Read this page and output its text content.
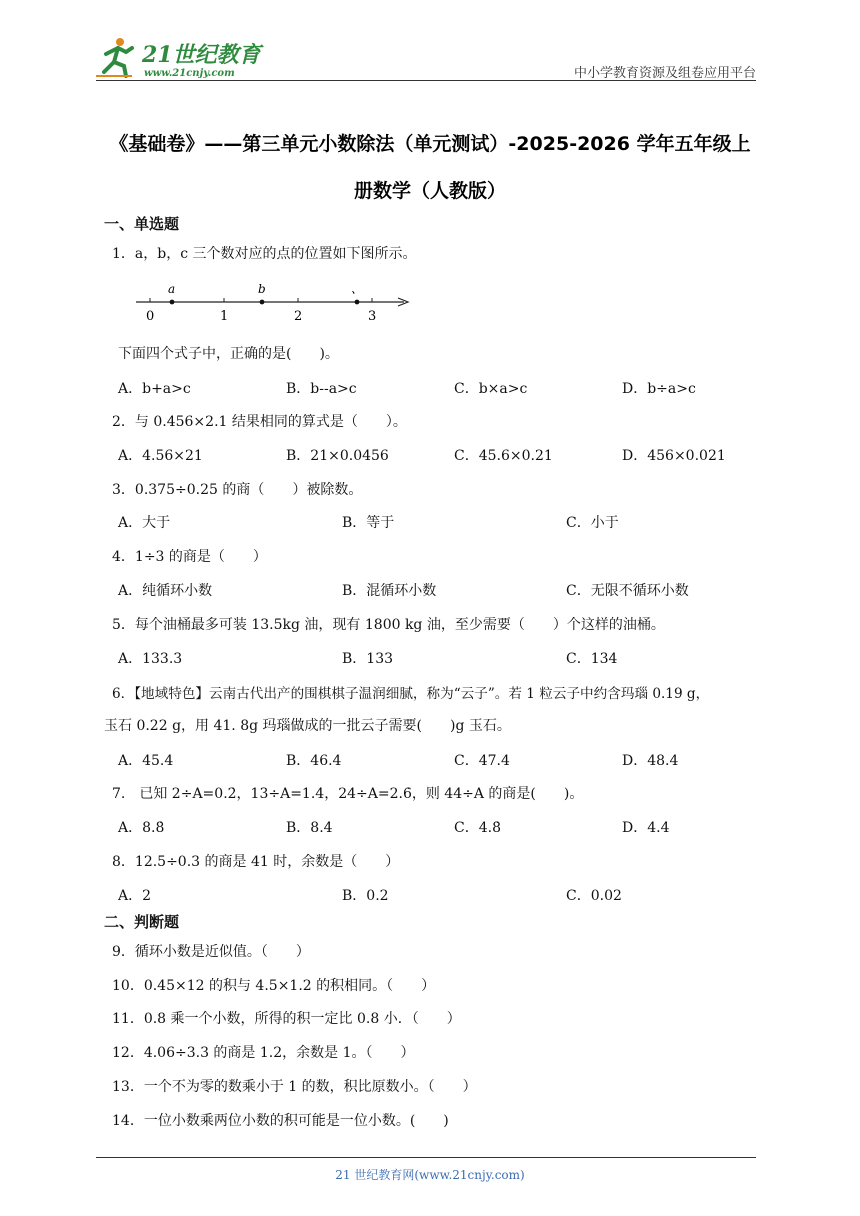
21世纪教育
www.21cnjy.com	中小学教育资源及组卷应用平台
《基础卷》——第三单元小数除法（单元测试）-2025-2026 学年五年级上
册数学（人教版）
一、单选题
1．a，b，c 三个数对应的点的位置如下图所示。
0	1	2	3
a	b	、
下面四个式子中，正确的是(　　)。
A．b+a>c	B．b--a>c	C．b×a>c	D．b÷a>c
2．与 0.456×2.1 结果相同的算式是（　　）。
A．4.56×21	B．21×0.0456	C．45.6×0.21	D．456×0.021
3．0.375÷0.25 的商（　　）被除数。
A．大于	B．等于	C．小于
4．1÷3 的商是（　　）
A．纯循环小数	B．混循环小数	C．无限不循环小数
5．每个油桶最多可装 13.5kg 油，现有 1800 kg 油，至少需要（　　）个这样的油桶。
A．133.3	B．133	C．134
6．【地域特色】云南古代出产的围棋棋子温润细腻，称为“云子”。若 1 粒云子中约含玛瑙 0.19 g，
玉石 0.22 g，用 41. 8g 玛瑙做成的一批云子需要(　　)g 玉石。
A．45.4	B．46.4	C．47.4	D．48.4
7.　已知 2÷A=0.2̇，13÷A=1.4̇，24÷A=2.6̇，则 44÷A 的商是(　　)。
A．8.8̇	B．8.4̇	C．4.8̇	D．4.4̇
8．12.5÷0.3 的商是 41 时，余数是（　　）
A．2	B．0.2	C．0.02
二、判断题
9．循环小数是近似值。（　　）
10．0.45×12 的积与 4.5×1.2 的积相同。（　　）
11．0.8 乘一个小数，所得的积一定比 0.8 小．（　　）
12．4.06÷3.3 的商是 1.2，余数是 1。（　　）
13．一个不为零的数乘小于 1 的数，积比原数小。（　　）
14．一位小数乘两位小数的积可能是一位小数。(　　)
21 世纪教育网(www.21cnjy.com)
